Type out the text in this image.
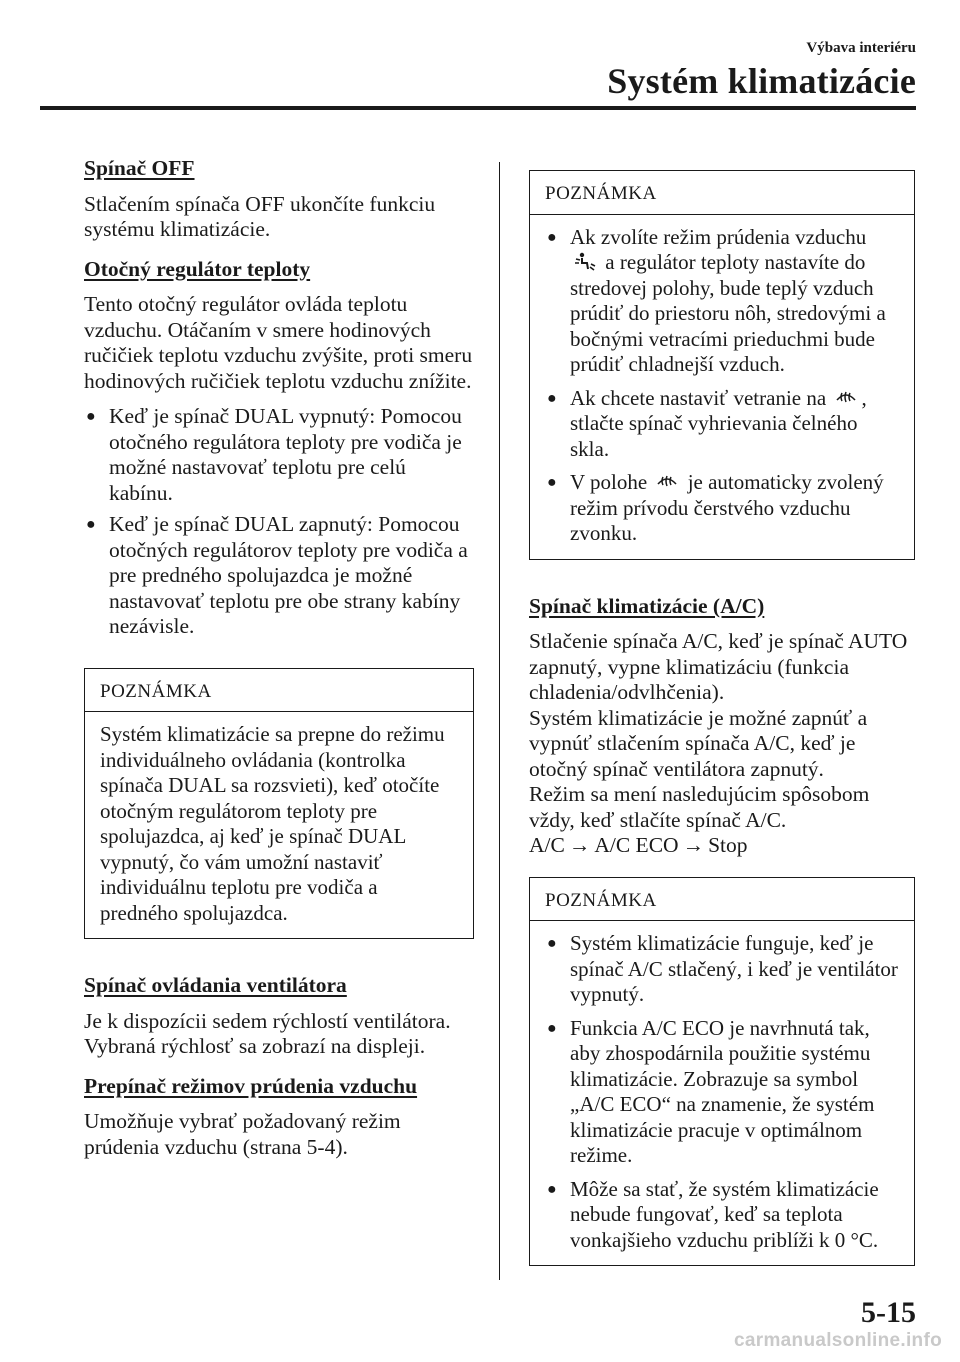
Výbava interiéru
Systém klimatizácie
Spínač OFF

Stlačením spínača OFF ukončíte funkciu systému klimatizácie.

Otočný regulátor teploty

Tento otočný regulátor ovláda teplotu vzduchu. Otáčaním v smere hodinových ručičiek teplotu vzduchu zvýšite, proti smeru hodinových ručičiek teplotu vzduchu znížite.

● Keď je spínač DUAL vypnutý: Pomocou otočného regulátora teploty pre vodiča je možné nastavovať teplotu pre celú kabínu.
● Keď je spínač DUAL zapnutý: Pomocou otočných regulátorov teploty pre vodiča a pre predného spolujazdca je možné nastavovať teplotu pre obe strany kabíny nezávisle.
POZNÁMKA
Systém klimatizácie sa prepne do režimu individuálneho ovládania (kontrolka spínača DUAL sa rozsvieti), keď otočíte otočným regulátorom teploty pre spolujazdca, aj keď je spínač DUAL vypnutý, čo vám umožní nastaviť individuálnu teplotu pre vodiča a predného spolujazdca.
Spínač ovládania ventilátora

Je k dispozícii sedem rýchlostí ventilátora. Vybraná rýchlosť sa zobrazí na displeji.

Prepínač režimov prúdenia vzduchu

Umožňuje vybrať požadovaný režim prúdenia vzduchu (strana 5-4).

POZNÁMKA
● Ak zvolíte režim prúdenia vzduchu
a regulátor teploty nastavíte do stredovej polohy, bude teplý vzduch prúdiť do priestoru nôh, stredovými a bočnými vetracími prieduchmi bude prúdiť chladnejší vzduch.
● Ak chcete nastaviť vetranie na , stlačte spínač vyhrievania čelného skla.
● V polohe je automaticky zvolený režim prívodu čerstvého vzduchu zvonku.
Spínač klimatizácie (A/C)

Stlačenie spínača A/C, keď je spínač AUTO zapnutý, vypne klimatizáciu (funkcia chladenia/odvlhčenia).

Systém klimatizácie je možné zapnúť a vypnúť stlačením spínača A/C, keď je otočný spínač ventilátora zapnutý.

Režim sa mení nasledujúcim spôsobom vždy, keď stlačíte spínač A/C.

A/C → A/C ECO → Stop

POZNÁMKA
● Systém klimatizácie funguje, keď je spínač A/C stlačený, i keď je ventilátor vypnutý.
● Funkcia A/C ECO je navrhnutá tak, aby zhospodárnila použitie systému klimatizácie. Zobrazuje sa symbol „A/C ECO“ na znamenie, že systém klimatizácie pracuje v optimálnom režime.
● Môže sa stať, že systém klimatizácie nebude fungovať, keď sa teplota vonkajšieho vzduchu priblíži k 0 °C.
5-15
carmanualsonline.info
